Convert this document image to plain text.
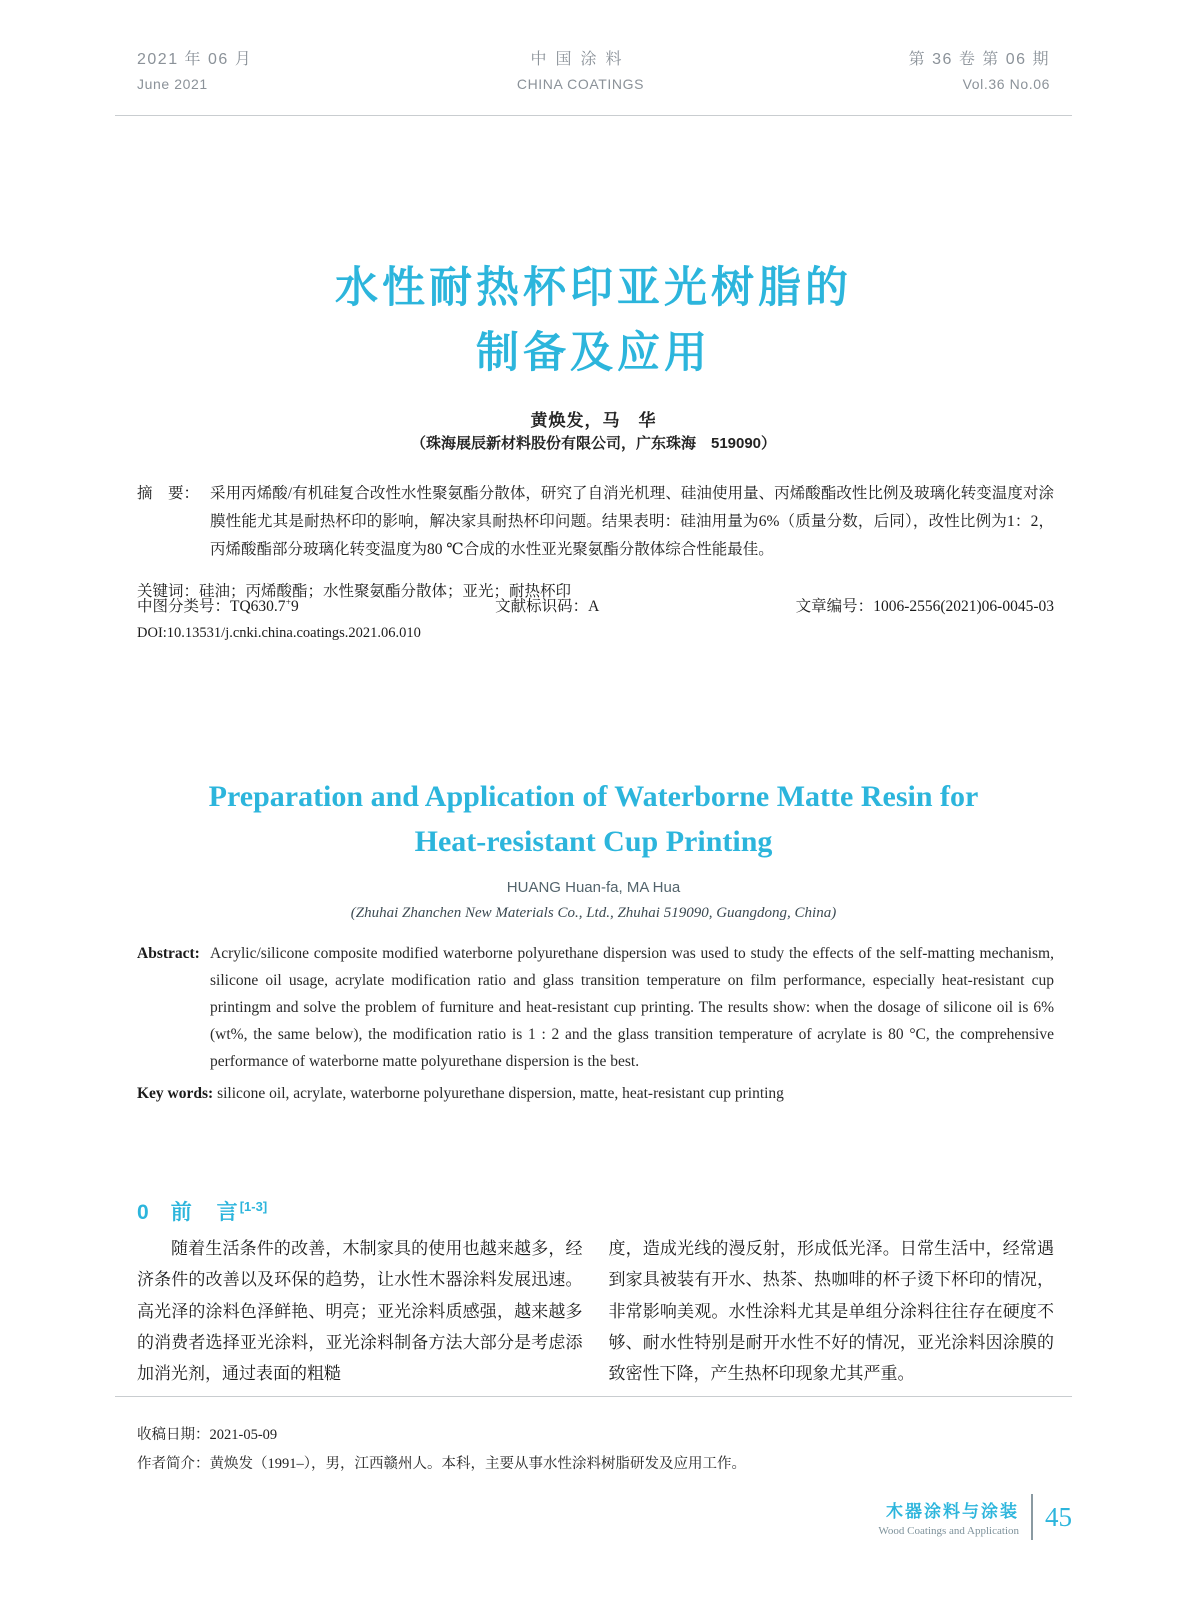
2021 年 06 月
June 2021
中国涂料
CHINA COATINGS
第 36 卷 第 06 期
Vol.36 No.06
水性耐热杯印亚光树脂的
制备及应用
黄焕发，马　华
（珠海展辰新材料股份有限公司，广东珠海　519090）

摘　要： 采用丙烯酸/有机硅复合改性水性聚氨酯分散体，研究了自消光机理、硅油使用量、丙烯酸酯改性比例及玻璃化转变温度对涂膜性能尤其是耐热杯印的影响，解决家具耐热杯印问题。结果表明：硅油用量为6%（质量分数，后同），改性比例为1：2，丙烯酸酯部分玻璃化转变温度为80 ℃合成的水性亚光聚氨酯分散体综合性能最佳。

关键词：硅油；丙烯酸酯；水性聚氨酯分散体；亚光；耐热杯印

中图分类号：TQ630.7+9	文献标识码：A	文章编号：1006-2556(2021)06-0045-03
DOI:10.13531/j.cnki.china.coatings.2021.06.010
Preparation and Application of Waterborne Matte Resin for
Heat-resistant Cup Printing
HUANG Huan-fa, MA Hua
(Zhuhai Zhanchen New Materials Co., Ltd., Zhuhai 519090, Guangdong, China)

Abstract: Acrylic/silicone composite modified waterborne polyurethane dispersion was used to study the effects of the self-matting mechanism, silicone oil usage, acrylate modification ratio and glass transition temperature on film performance, especially heat-resistant cup printingm and solve the problem of furniture and heat-resistant cup printing. The results show: when the dosage of silicone oil is 6% (wt%, the same below), the modification ratio is 1 : 2 and the glass transition temperature of acrylate is 80 °C, the comprehensive performance of waterborne matte polyurethane dispersion is the best.

Key words: silicone oil, acrylate, waterborne polyurethane dispersion, matte, heat-resistant cup printing

0 前　言[1-3]

随着生活条件的改善，木制家具的使用也越来越多，经济条件的改善以及环保的趋势，让水性木器涂料发展迅速。高光泽的涂料色泽鲜艳、明亮；亚光涂料质感强，越来越多的消费者选择亚光涂料，亚光涂料制备方法大部分是考虑添加消光剂，通过表面的粗糙

度，造成光线的漫反射，形成低光泽。日常生活中，经常遇到家具被装有开水、热茶、热咖啡的杯子烫下杯印的情况，非常影响美观。水性涂料尤其是单组分涂料往往存在硬度不够、耐水性特别是耐开水性不好的情况，亚光涂料因涂膜的致密性下降，产生热杯印现象尤其严重。

收稿日期：2021-05-09

作者简介：黄焕发（1991–），男，江西赣州人。本科，主要从事水性涂料树脂研发及应用工作。

木器涂料与涂装
Wood Coatings and Application 45
